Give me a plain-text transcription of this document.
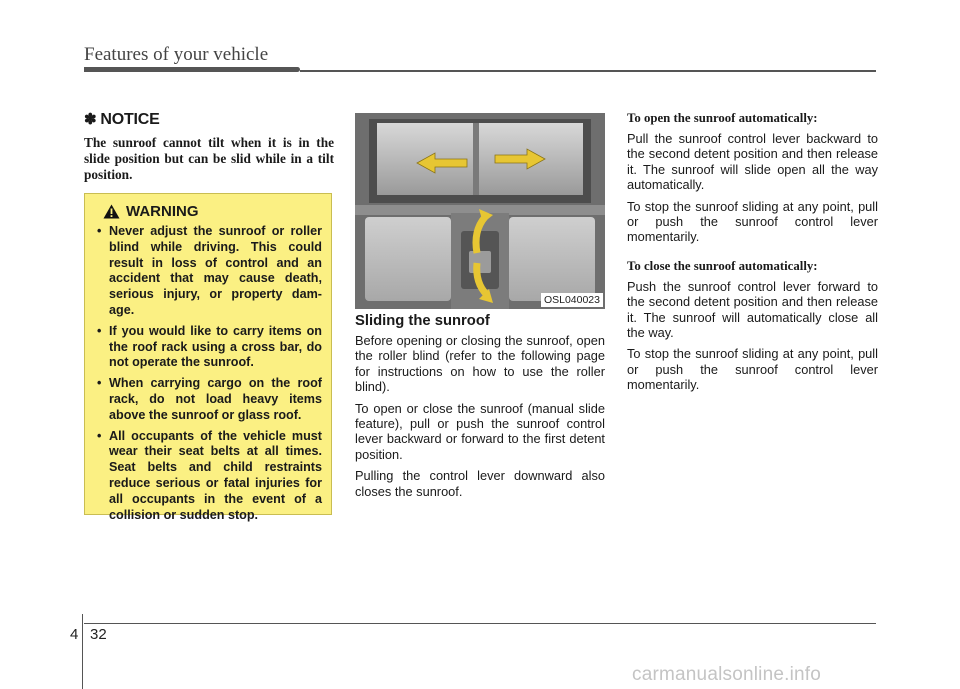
Features of your vehicle
✽ NOTICE

The sunroof cannot tilt when it is in the slide position but can be slid while in a tilt position.

WARNING
• Never adjust the sunroof or roller blind while driving. This could result in loss of control and an accident that may cause death, serious injury, or property dam-age.
• If you would like to carry items on the roof rack using a cross bar, do not operate the sunroof.
• When carrying cargo on the roof rack, do not load heavy items above the sunroof or glass roof.
• All occupants of the vehicle must wear their seat belts at all times. Seat belts and child restraints reduce serious or fatal injuries for all occupants in the event of a collision or sudden stop.
OSL040023
Sliding the sunroof

Before opening or closing the sunroof, open the roller blind (refer to the following page for instructions on how to use the roller blind).

To open or close the sunroof (manual slide feature), pull or push the sunroof control lever backward or forward to the first detent position.

Pulling the control lever downward also closes the sunroof.

To open the sunroof automatically:

Pull the sunroof control lever backward to the second detent position and then release it. The sunroof will slide open all the way automatically.

To stop the sunroof sliding at any point, pull or push the sunroof control lever momentarily.

To close the sunroof automatically:

Push the sunroof control lever forward to the second detent position and then release it. The sunroof will automatically close all the way.

To stop the sunroof sliding at any point, pull or push the sunroof control lever momentarily.

4 32
carmanualsonline.info
